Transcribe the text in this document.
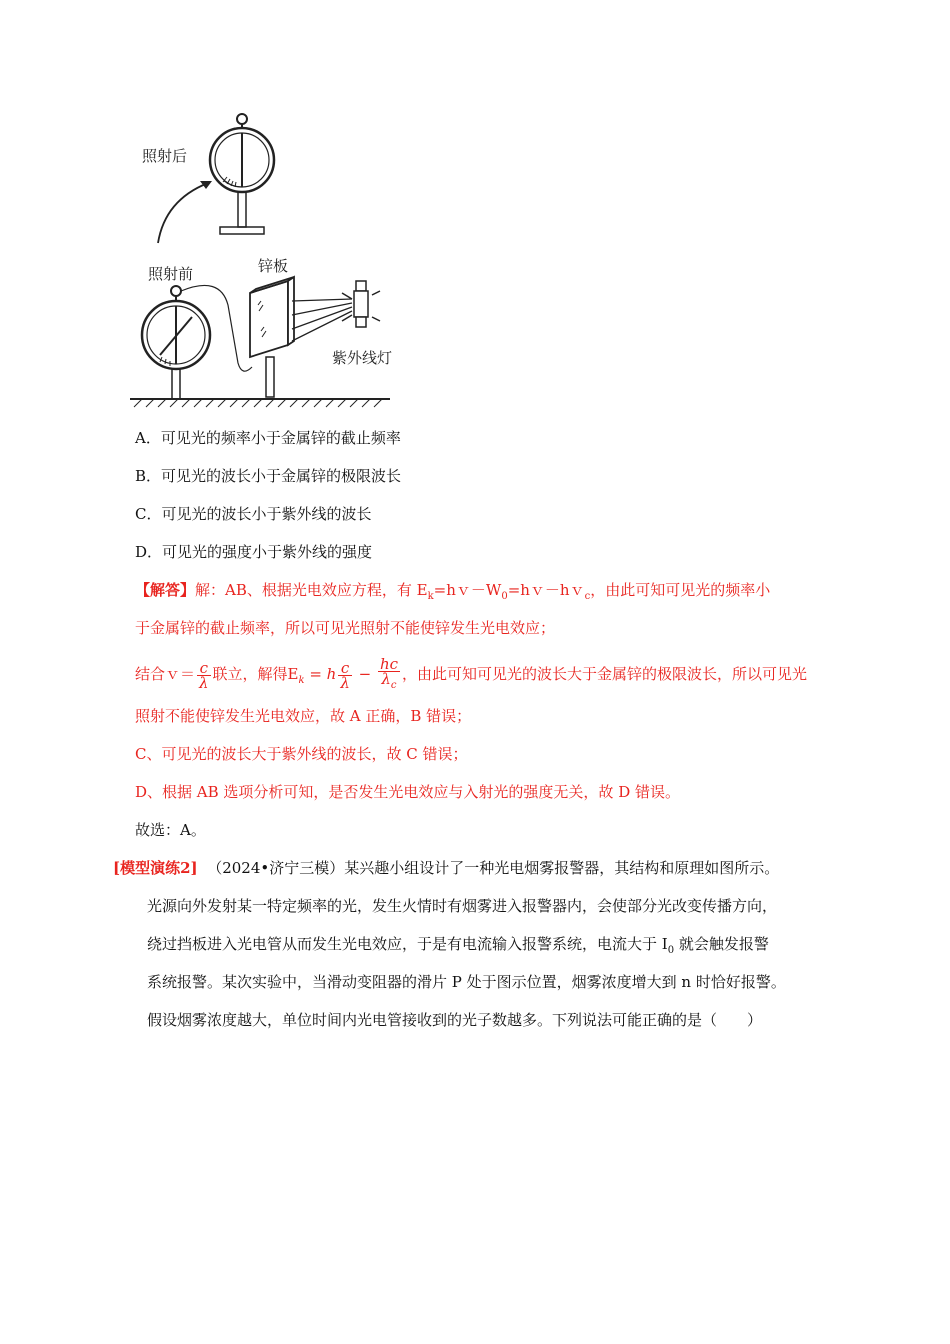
照射后
照射前	锌板
紫外线灯
A．可见光的频率小于金属锌的截止频率
B．可见光的波长小于金属锌的极限波长
C．可见光的波长小于紫外线的波长
D．可见光的强度小于紫外线的强度
【解答】解：AB、根据光电效应方程，有 $E_k=hv-W_0=hv-hv_c$，由此可知可见光的频率小
于金属锌的截止频率，所以可见光照射不能使锌发生光电效应；
结合ｖ＝ $\frac{c}{\lambda}$ 联立，解得$E_k = h \frac{c}{\lambda} - \frac{hc}{\lambda_c}$ ，由此可知可见光的波长大于金属锌的极限波长，所以可见光
照射不能使锌发生光电效应，故 A 正确，B 错误；
C、可见光的波长大于紫外线的波长，故 C 错误；
D、根据 AB 选项分析可知，是否发生光电效应与入射光的强度无关，故 D 错误。
故选：A。
[模型演练2] （2024•济宁三模）某兴趣小组设计了一种光电烟雾报警器，其结构和原理如图所示。
光源向外发射某一特定频率的光，发生火情时有烟雾进入报警器内，会使部分光改变传播方向，
绕过挡板进入光电管从而发生光电效应，于是有电流输入报警系统，电流大于 $I_0$ 就会触发报警
系统报警。某次实验中，当滑动变阻器的滑片 P 处于图示位置，烟雾浓度增大到 n 时恰好报警。
假设烟雾浓度越大，单位时间内光电管接收到的光子数越多。下列说法可能正确的是（　　）
